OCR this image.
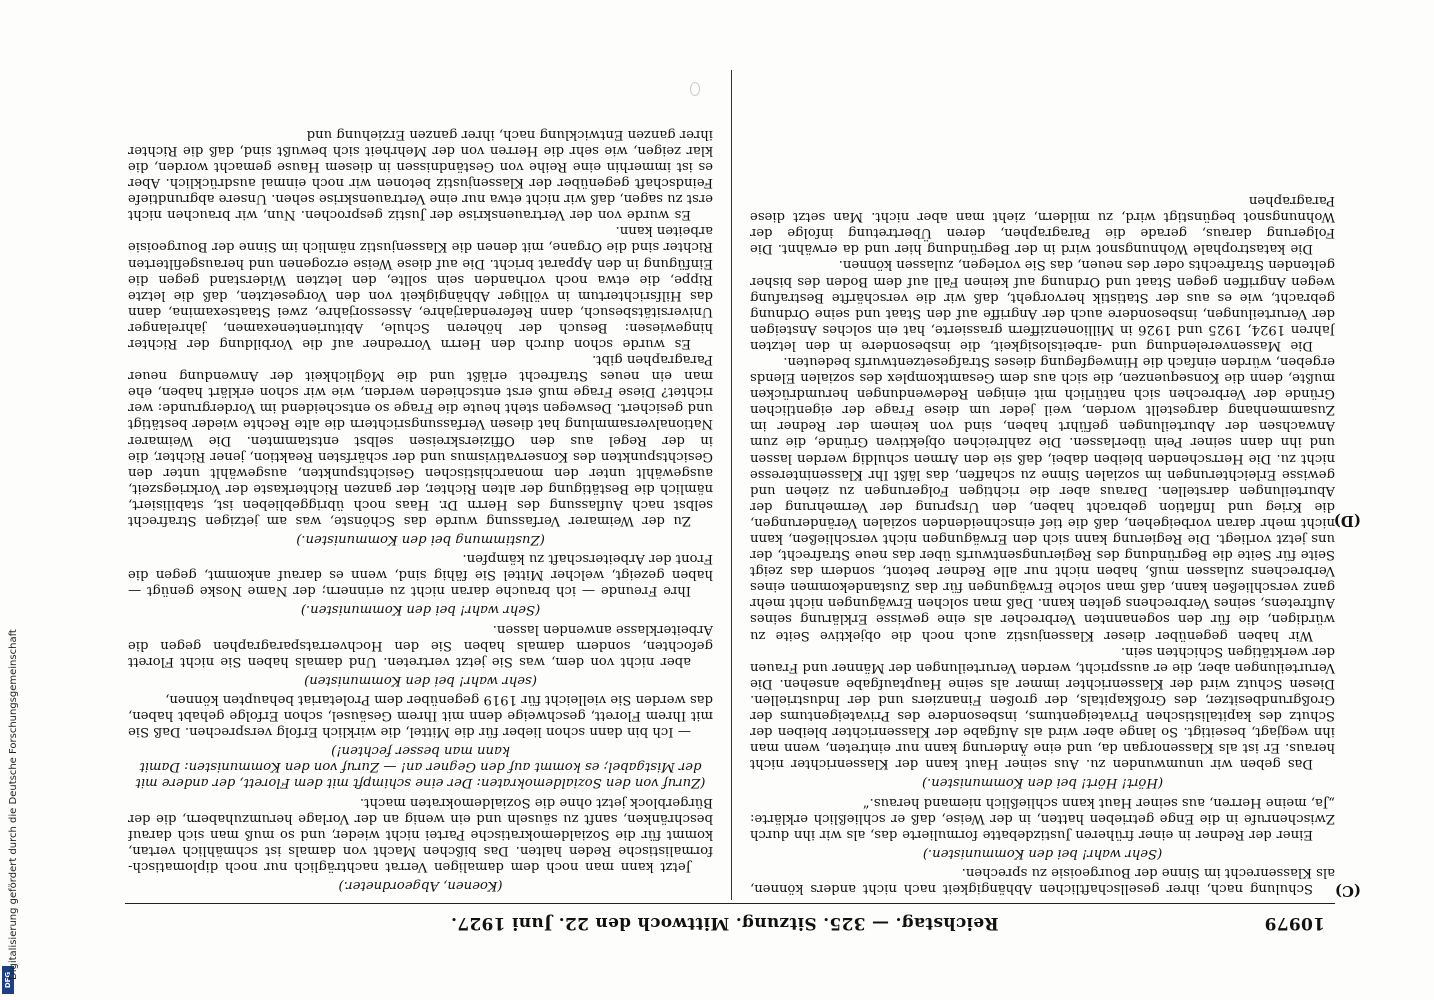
10979
Reichstag. — 325. Sitzung. Mittwoch den 22. Juni 1927.

Schulung nach, ihrer gesellschaftlichen Abhängigkeit nach nicht anders können, als Klassenrecht im Sinne der Bourgeoisie zu sprechen.

(Sehr wahr! bei den Kommunisten.)

Einer der Redner in einer früheren Justizdebatte formulierte das, als wir ihn durch Zwischenrufe in die Enge getrieben hatten, in der Weise, daß er schließlich erklärte: „Ja, meine Herren, aus seiner Haut kann schließlich niemand heraus.“

(Hört! Hört! bei den Kommunisten.)

Das geben wir unumwunden zu. Aus seiner Haut kann der Klassenrichter nicht heraus. Er ist als Klassenorgan da, und eine Änderung kann nur eintreten, wenn man ihn wegjagt, beseitigt. So lange aber wird als Aufgabe der Klassenrichter bleiben der Schutz des kapitalistischen Privateigentums, insbesondere des Privateigentums der Großgrundbesitzer, des Großkapitals, der großen Finanziers und der Industriellen. Diesen Schutz wird der Klassenrichter immer als seine Hauptaufgabe ansehen. Die Verurteilungen aber, die er ausspricht, werden Verurteilungen der Männer und Frauen der werktätigen Schichten sein.

Wir haben gegenüber dieser Klassenjustiz auch noch die objektive Seite zu würdigen, die für den sogenannten Verbrecher als eine gewisse Erklärung seines Auftretens, seines Verbrechens gelten kann. Daß man solchen Erwägungen nicht mehr ganz verschließen kann, daß man solche Erwägungen für das Zustandekommen eines Verbrechens zulassen muß, haben nicht nur alle Redner betont, sondern das zeigt Seite für Seite die Begründung des Regierungsentwurfs über das neue Strafrecht, der uns jetzt vorliegt. Die Regierung kann sich den Erwägungen nicht verschließen, kann nicht mehr daran vorbeigehen, daß die tief einschneidenden sozialen Veränderungen, die Krieg und Inflation gebracht haben, den Ursprung der Vermehrung der Aburteilungen darstellen. Daraus aber die richtigen Folgerungen zu ziehen und gewisse Erleichterungen im sozialen Sinne zu schaffen, das läßt Ihr Klasseninteresse nicht zu. Die Herrschenden bleiben dabei, daß sie den Armen schuldig werden lassen und ihn dann seiner Pein überlassen. Die zahlreichen objektiven Gründe, die zum Anwachsen der Aburteilungen geführt haben, sind von keinem der Redner im Zusammenhang dargestellt worden, weil jeder um diese Frage der eigentlichen Gründe der Verbrechen sich natürlich mit einigen Redewendungen herumdrücken mußte, denn die Konsequenzen, die sich aus dem Gesamtkomplex des sozialen Elends ergeben, würden einfach die Hinwegfegung dieses Strafgesetzentwurfs bedeuten.

Die Massenverelendung und -arbeitslosigkeit, die insbesondere in den letzten Jahren 1924, 1925 und 1926 in Millionenziffern grassierte, hat ein solches Ansteigen der Verurteilungen, insbesondere auch der Angriffe auf den Staat und seine Ordnung gebracht, wie es aus der Statistik hervorgeht, daß wir die verschärfte Bestrafung wegen Angriffen gegen Staat und Ordnung auf keinen Fall auf dem Boden des bisher geltenden Strafrechts oder des neuen, das Sie vorlegen, zulassen können.

Die katastrophale Wohnungsnot wird in der Begründung hier und da erwähnt. Die Folgerung daraus, gerade die Paragraphen, deren Übertretung infolge der Wohnungsnot begünstigt wird, zu mildern, zieht man aber nicht. Man setzt diese Paragraphen

(Koenen, Abgeordneter.)

Jetzt kann man noch dem damaligen Verrat nachträglich nur noch diplomatisch-formalistische Reden halten. Das bißchen Macht von damals ist schmählich vertan, kommt für die Sozialdemokratische Partei nicht wieder, und so muß man sich darauf beschränken, sanft zu säuseln und ein wenig an der Vorlage herumzuhabern, die der Bürgerblock jetzt ohne die Sozialdemokraten macht.

(Zuruf von den Sozialdemokraten: Der eine schimpft mit dem Florett, der andere mit der Mistgabel; es kommt auf den Gegner an! — Zuruf von den Kommunisten: Damit kann man besser fechten!)

— Ich bin dann schon lieber für die Mittel, die wirklich Erfolg versprechen. Daß Sie mit Ihrem Florett, geschweige denn mit Ihrem Gesäusel, schon Erfolge gehabt haben, das werden Sie vielleicht für 1919 gegenüber dem Proletariat behaupten können,

(sehr wahr! bei den Kommunisten)

aber nicht von dem, was Sie jetzt vertreten. Und damals haben Sie nicht Florett gefochten, sondern damals haben Sie den Hochverratsparagraphen gegen die Arbeiterklasse anwenden lassen.

(Sehr wahr! bei den Kommunisten.)

Ihre Freunde — ich brauche daran nicht zu erinnern; der Name Noske genügt — haben gezeigt, welcher Mittel Sie fähig sind, wenn es darauf ankommt, gegen die Front der Arbeiterschaft zu kämpfen.

(Zustimmung bei den Kommunisten.)

Zu der Weimarer Verfassung wurde das Schönste, was am jetzigen Strafrecht selbst nach Auflassung des Herrn Dr. Haas noch übriggeblieben ist, stabilisiert, nämlich die Bestätigung der alten Richter, der ganzen Richterkaste der Vorkriegszeit, ausgewählt unter den monarchistischen Gesichtspunkten, ausgewählt unter den Gesichtspunkten des Konservativismus und der schärfsten Reaktion, jener Richter, die in der Regel aus den Offizierskreisen selbst entstammten. Die Weimarer Nationalversammlung hat diesen Verfassungsrichtern die alte Rechte wieder bestätigt und gesichert. Deswegen steht heute die Frage so entscheidend im Vordergrunde: wer richtet? Diese Frage muß erst entschieden werden, wie wir schon erklärt haben, ehe man ein neues Strafrecht erläßt und die Möglichkeit der Anwendung neuer Paragraphen gibt.

Es wurde schon durch den Herrn Vorredner auf die Vorbildung der Richter hingewiesen: Besuch der höheren Schule, Abiturientenexamen, jahrelanger Universitätsbesuch, dann Referendarjahre, Assessorjahre, zwei Staatsexamina, dann das Hilfsrichtertum in völliger Abhängigkeit von den Vorgesetzten, daß die letzte Rippe, die etwa noch vorhanden sein sollte, den letzten Widerstand gegen die Einfügung in den Apparat bricht. Die auf diese Weise erzogenen und herausgefilterten Richter sind die Organe, mit denen die Klassenjustiz nämlich im Sinne der Bourgeoisie arbeiten kann.

Es wurde von der Vertrauenskrise der Justiz gesprochen. Nun, wir brauchen nicht erst zu sagen, daß wir nicht etwa nur eine Vertrauenskrise sehen. Unsere abgrundtiefe Feindschaft gegenüber der Klassenjustiz betonen wir noch einmal ausdrücklich. Aber es ist immerhin eine Reihe von Geständnissen in diesem Hause gemacht worden, die klar zeigen, wie sehr die Herren von der Mehrheit sich bewußt sind, daß die Richter ihrer ganzen Entwicklung nach, ihrer ganzen Erziehung und

(C)
(D)
DFG
Digitalisierung gefördert durch die Deutsche Forschungsgemeinschaft
